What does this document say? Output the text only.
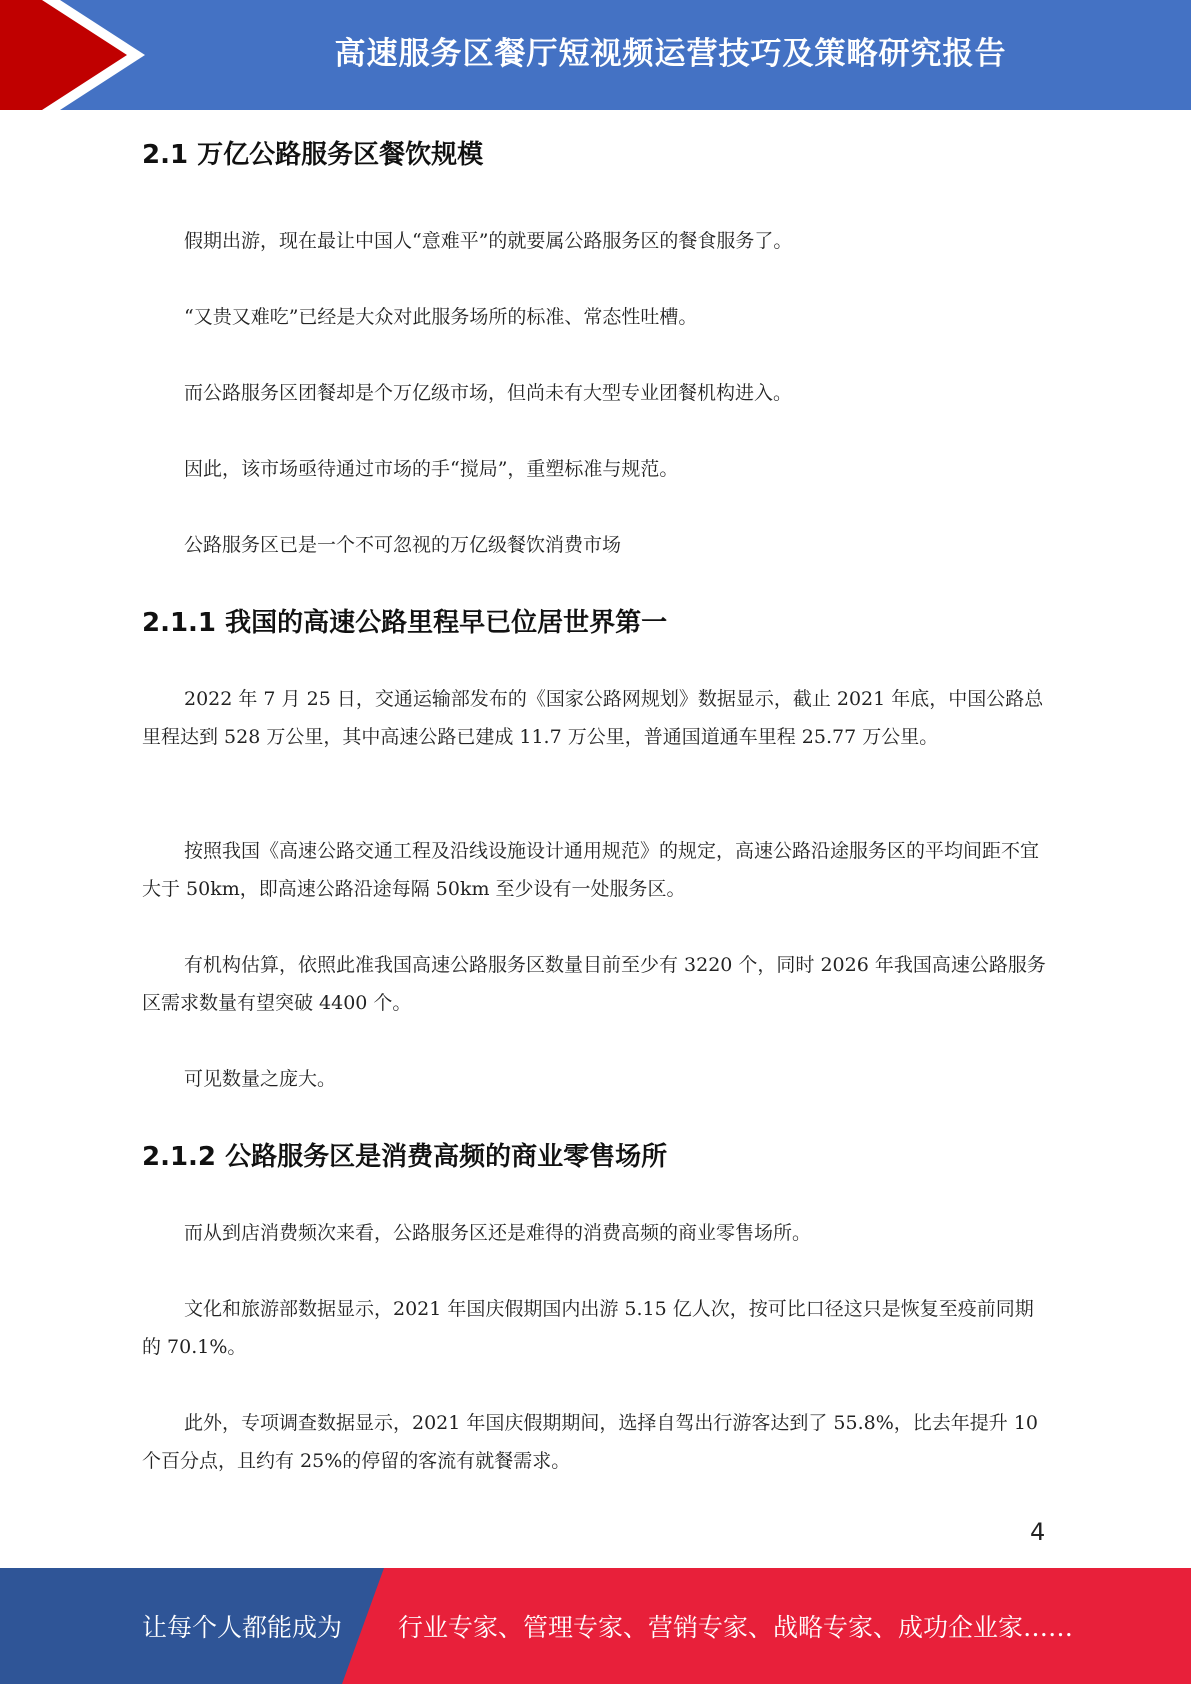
高速服务区餐厅短视频运营技巧及策略研究报告
2.1 万亿公路服务区餐饮规模

假期出游，现在最让中国人“意难平”的就要属公路服务区的餐食服务了。

“又贵又难吃”已经是大众对此服务场所的标准、常态性吐槽。

而公路服务区团餐却是个万亿级市场，但尚未有大型专业团餐机构进入。

因此，该市场亟待通过市场的手“搅局”，重塑标准与规范。

公路服务区已是一个不可忽视的万亿级餐饮消费市场

2.1.1 我国的高速公路里程早已位居世界第一

2022 年 7 月 25 日，交通运输部发布的《国家公路网规划》数据显示，截止 2021 年底，中国公路总里程达到 528 万公里，其中高速公路已建成 11.7 万公里，普通国道通车里程 25.77 万公里。

按照我国《高速公路交通工程及沿线设施设计通用规范》的规定，高速公路沿途服务区的平均间距不宜大于 50km，即高速公路沿途每隔 50km 至少设有一处服务区。

有机构估算，依照此准我国高速公路服务区数量目前至少有 3220 个，同时 2026 年我国高速公路服务区需求数量有望突破 4400 个。

可见数量之庞大。

2.1.2 公路服务区是消费高频的商业零售场所

而从到店消费频次来看，公路服务区还是难得的消费高频的商业零售场所。

文化和旅游部数据显示，2021 年国庆假期国内出游 5.15 亿人次，按可比口径这只是恢复至疫前同期的 70.1%。

此外，专项调查数据显示，2021 年国庆假期期间，选择自驾出行游客达到了 55.8%，比去年提升 10 个百分点，且约有 25%的停留的客流有就餐需求。

4
让每个人都能成为 行业专家、管理专家、营销专家、战略专家、成功企业家……
